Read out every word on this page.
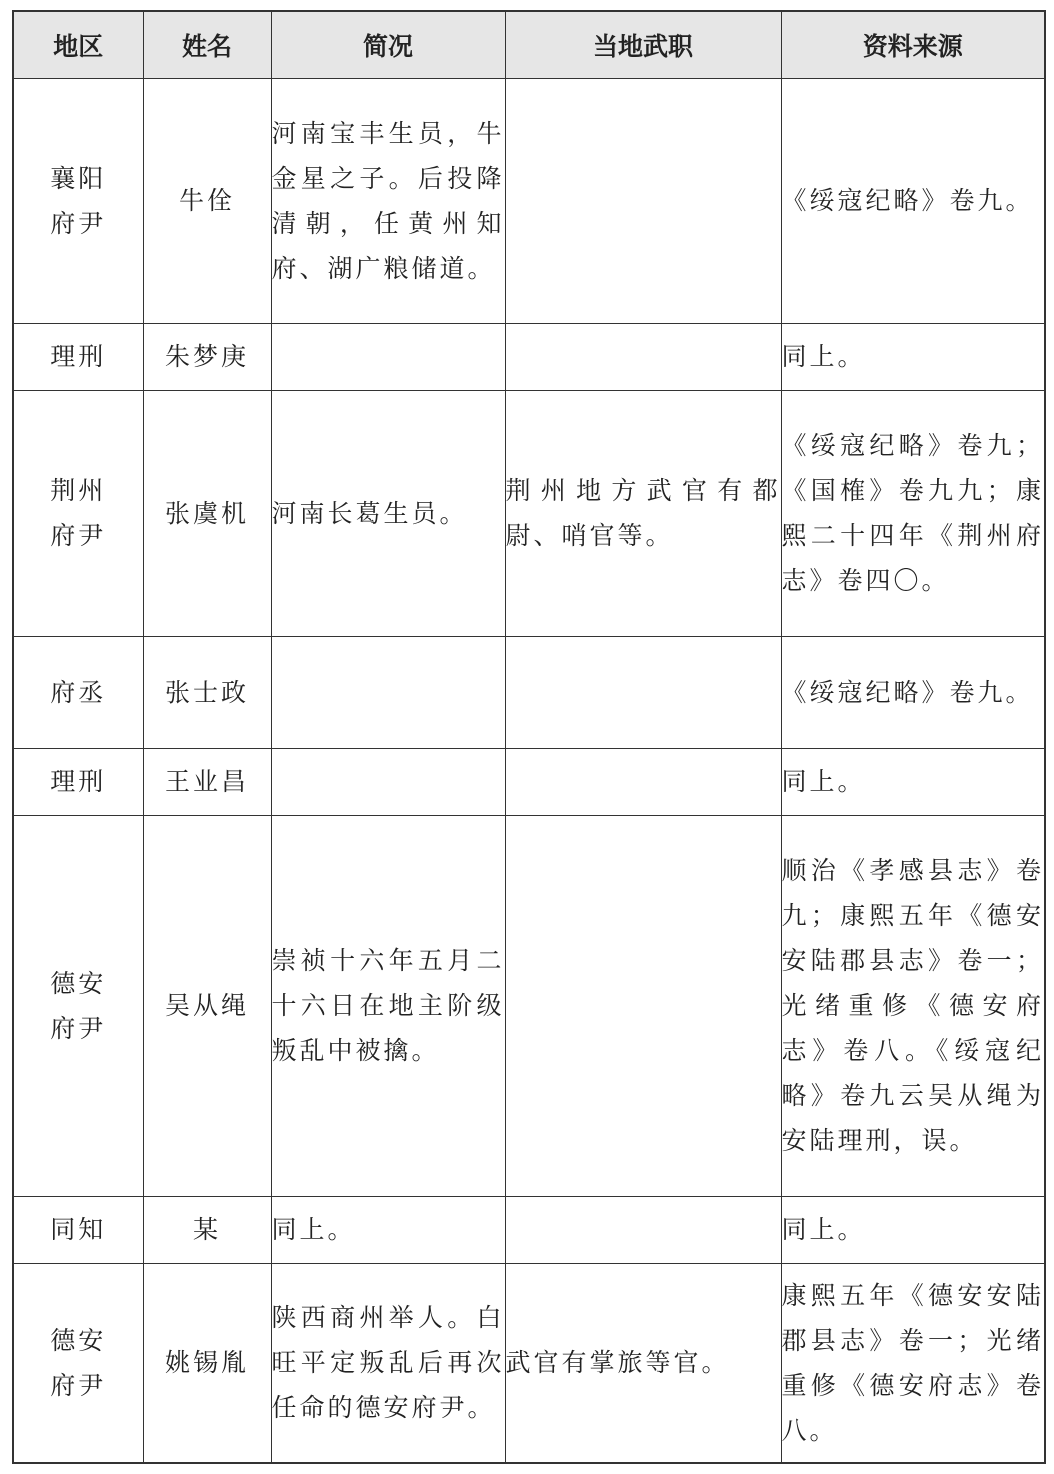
地区	姓名	简况	当地武职	资料来源
襄阳府尹	牛佺	河南宝丰生员，牛金星之子。后投降清朝，任黄州知府、湖广粮储道。		《绥寇纪略》卷九。

理刑	朱梦庚			同上。

荆州府尹	张虞机	河南长葛生员。	荆州地方武官有都尉、哨官等。	《绥寇纪略》卷九；《国榷》卷九九；康熙二十四年《荆州府志》卷四〇。

府丞	张士政			《绥寇纪略》卷九。

理刑	王业昌			同上。

德安府尹	吴从绳	崇祯十六年五月二十六日在地主阶级叛乱中被擒。		顺治《孝感县志》卷九；康熙五年《德安安陆郡县志》卷一；光绪重修《德安府志》卷八。《绥寇纪略》卷九云吴从绳为安陆理刑，误。

同知	某	同上。		同上。

德安府尹	姚锡胤	陕西商州举人。白旺平定叛乱后再次任命的德安府尹。	武官有掌旅等官。	康熙五年《德安安陆郡县志》卷一；光绪重修《德安府志》卷八。
